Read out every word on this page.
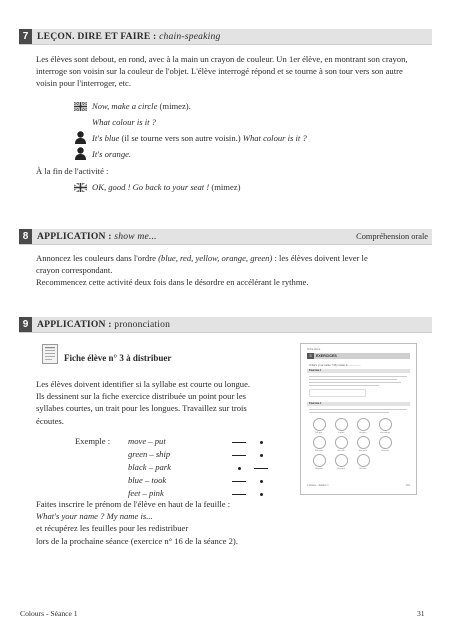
7 LEÇON. DIRE ET FAIRE : chain-speaking

Les élèves sont debout, en rond, avec à la main un crayon de couleur. Un 1er élève, en montrant son crayon, interroge son voisin sur la couleur de l'objet. L'élève interrogé répond et se tourne à son tour vers son autre voisin pour l'interroger, etc.

Now, make a circle (mimez).
What colour is it ?
It's blue (il se tourne vers son autre voisin.) What colour is it ?
It's orange.
À la fin de l'activité :
OK, good ! Go back to your seat ! (mimez)
8 APPLICATION : show me...	Compréhension orale

Annoncez les couleurs dans l'ordre (blue, red, yellow, orange, green) : les élèves doivent lever le

crayon correspondant.

Recommencez cette activité deux fois dans le désordre en accélérant le rythme.

9 APPLICATION : prononciation
Fiche élève n° 3 à distribuer

Les élèves doivent identifier si la syllabe est courte ou longue.

Ils dessinent sur la fiche exercice distribuée un point pour les

syllabes courtes, un trait pour les longues. Travaillez sur trois

écoutes.

Exemple : move – put
green – ship
black – park
blue – took
feet – pink

Faites inscrire le prénom de l'élève en haut de la feuille :

What's your name ? My name is...

et récupérez les feuilles pour les redistribuer

lors de la prochaine séance (exercice n° 16 de la séance 2).

Fiche élève
3	EXERCICES
What's your name ? My name is ................
Exercice 1
Exercice 2
bli-ppe	la pink	bli-gree	cla-orange
bla-yoin	bla-stik	bla-yoin	bli-pant
bli-pant	cla-pink	bli-blue
Colours – Séance 1	161
Colours - Séance 1	31
